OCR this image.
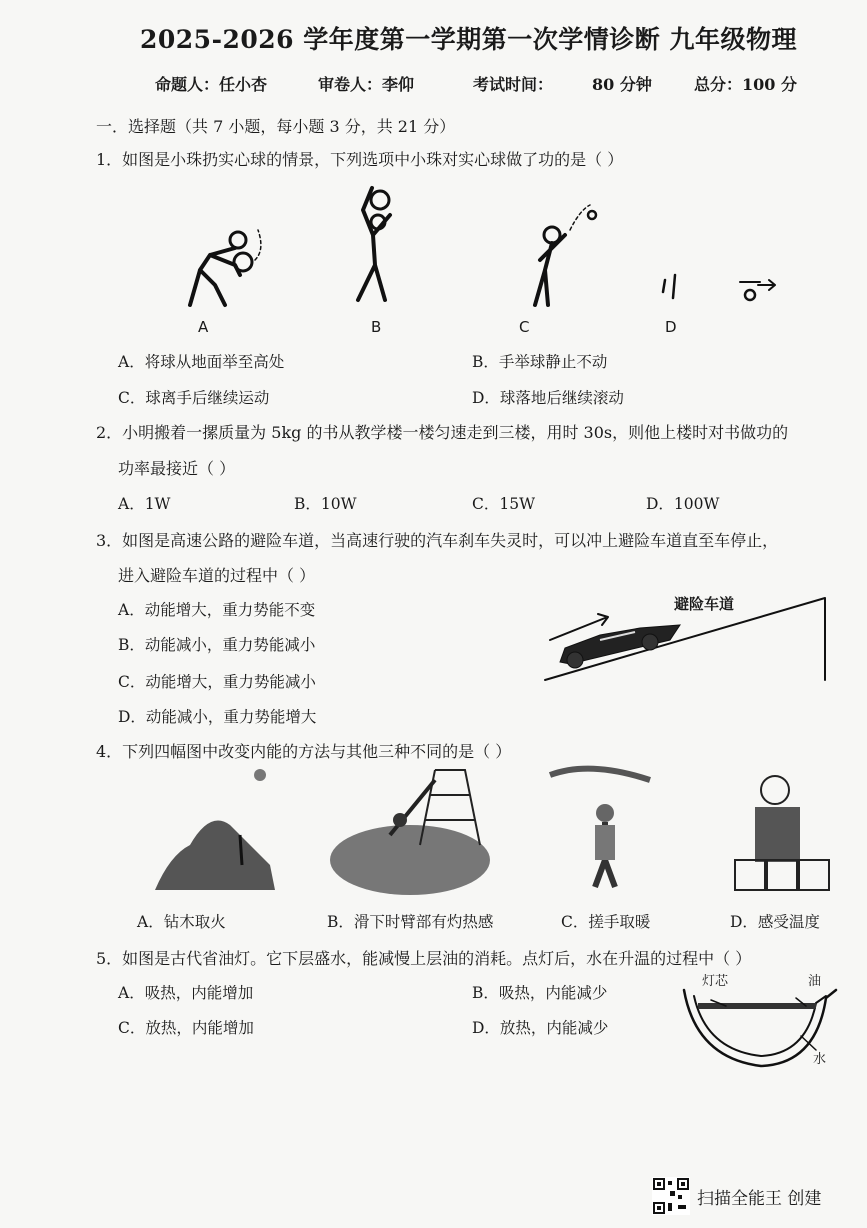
2025-2026 学年度第一学期第一次学情诊断 九年级物理
命题人：任小杏	审卷人：李仰	考试时间： 80 分钟	总分：100 分
一．选择题（共 7 小题，每小题 3 分，共 21 分）
1．如图是小珠扔实心球的情景，下列选项中小珠对实心球做了功的是（ ）
A	B	C	D
A．将球从地面举至高处	B．手举球静止不动
C．球离手后继续运动	D．球落地后继续滚动
2．小明搬着一摞质量为 5kg 的书从教学楼一楼匀速走到三楼，用时 30s，则他上楼时对书做功的
功率最接近（ ）
A．1W	B．10W	C．15W	D．100W
3．如图是高速公路的避险车道，当高速行驶的汽车刹车失灵时，可以冲上避险车道直至车停止，
进入避险车道的过程中（ ）
A．动能增大，重力势能不变
B．动能减小，重力势能减小
C．动能增大，重力势能减小
D．动能减小，重力势能增大
避险车道
4．下列四幅图中改变内能的方法与其他三种不同的是（ ）
A．钻木取火	B．滑下时臂部有灼热感	C．搓手取暖	D．感受温度
5．如图是古代省油灯。它下层盛水，能减慢上层油的消耗。点灯后，水在升温的过程中（ ）
A．吸热，内能增加	B．吸热，内能减少
C．放热，内能增加	D．放热，内能减少
灯芯	油
水
扫描全能王 创建
